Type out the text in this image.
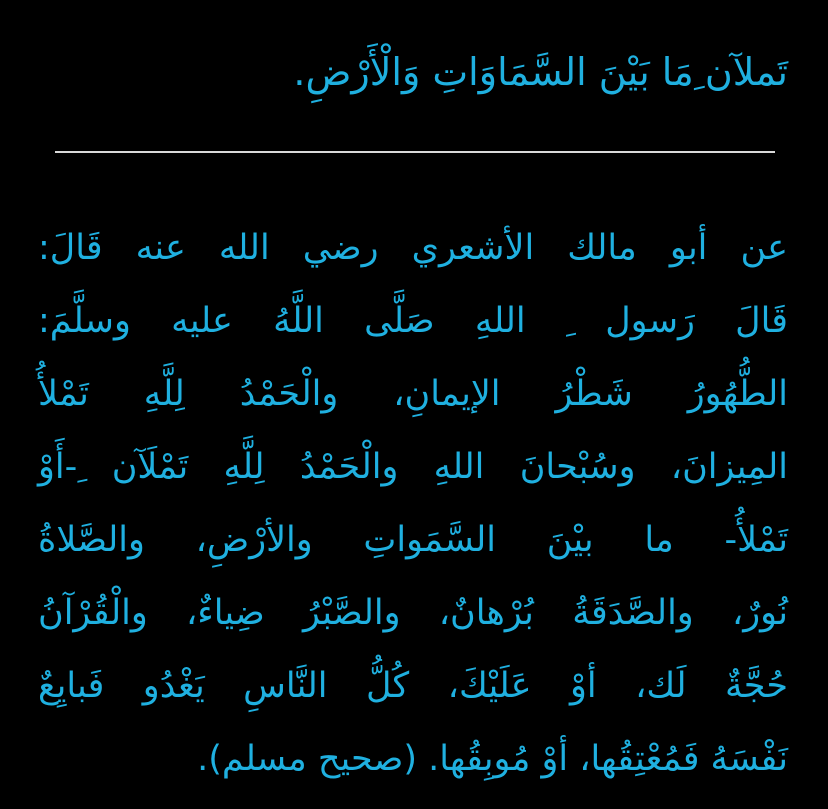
تَملآن ِمَا بَيْنَ السَّمَاوَاتِ وَالْأَرْضِ.
عن أبو مالك الأشعري رضي الله عنه قَالَ:
قَالَ رَسول ِ اللهِ صَلَّى اللَّهُ عليه وسلَّمَ:
الطُّهُورُ شَطْرُ الإيمانِ، والْحَمْدُ لِلَّهِ تَمْلأُ
المِيزانَ، وسُبْحانَ اللهِ والْحَمْدُ لِلَّهِ تَمْلَآن ِ-أَوْ
تَمْلأُ- ما بيْنَ السَّمَواتِ والأرْضِ، والصَّلاةُ
نُورٌ، والصَّدَقَةُ بُرْهانٌ، والصَّبْرُ ضِياءٌ، والْقُرْآنُ
حُجَّةٌ لَك، أوْ عَلَيْكَ، كُلُّ النَّاسِ يَغْدُو فَبايِعٌ
نَفْسَهُ فَمُعْتِقُها، أوْ مُوبِقُها. (صحيح مسلم).
